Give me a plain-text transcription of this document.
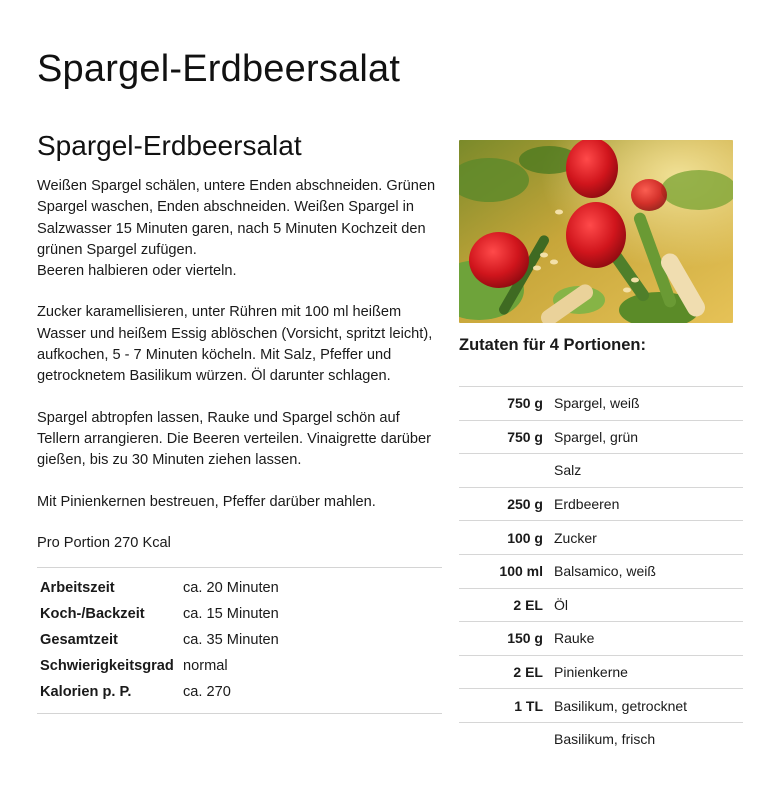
Spargel-Erdbeersalat
Spargel-Erdbeersalat

Weißen Spargel schälen, untere Enden abschneiden. Grünen Spargel waschen, Enden abschneiden. Weißen Spargel in Salzwasser 15 Minuten garen, nach 5 Minuten Kochzeit den grünen Spargel zufügen.
Beeren halbieren oder vierteln.

Zucker karamellisieren, unter Rühren mit 100 ml heißem Wasser und heißem Essig ablöschen (Vorsicht, spritzt leicht), aufkochen, 5 - 7 Minuten köcheln. Mit Salz, Pfeffer und getrocknetem Basilikum würzen. Öl darunter schlagen.

Spargel abtropfen lassen, Rauke und Spargel schön auf Tellern arrangieren. Die Beeren verteilen. Vinaigrette darüber gießen, bis zu 30 Minuten ziehen lassen.

Mit Pinienkernen bestreuen, Pfeffer darüber mahlen.

Pro Portion 270 Kcal

Arbeitszeit	ca. 20 Minuten
Koch-/Backzeit	ca. 15 Minuten
Gesamtzeit	ca. 35 Minuten
Schwierigkeitsgrad normal
Kalorien p. P.	ca. 270
Zutaten für 4 Portionen:
750 g Spargel, weiß
750 g Spargel, grün
Salz
250 g Erdbeeren
100 g Zucker
100 ml Balsamico, weiß
2 EL Öl
150 g Rauke
2 EL Pinienkerne
1 TL Basilikum, getrocknet
Basilikum, frisch
